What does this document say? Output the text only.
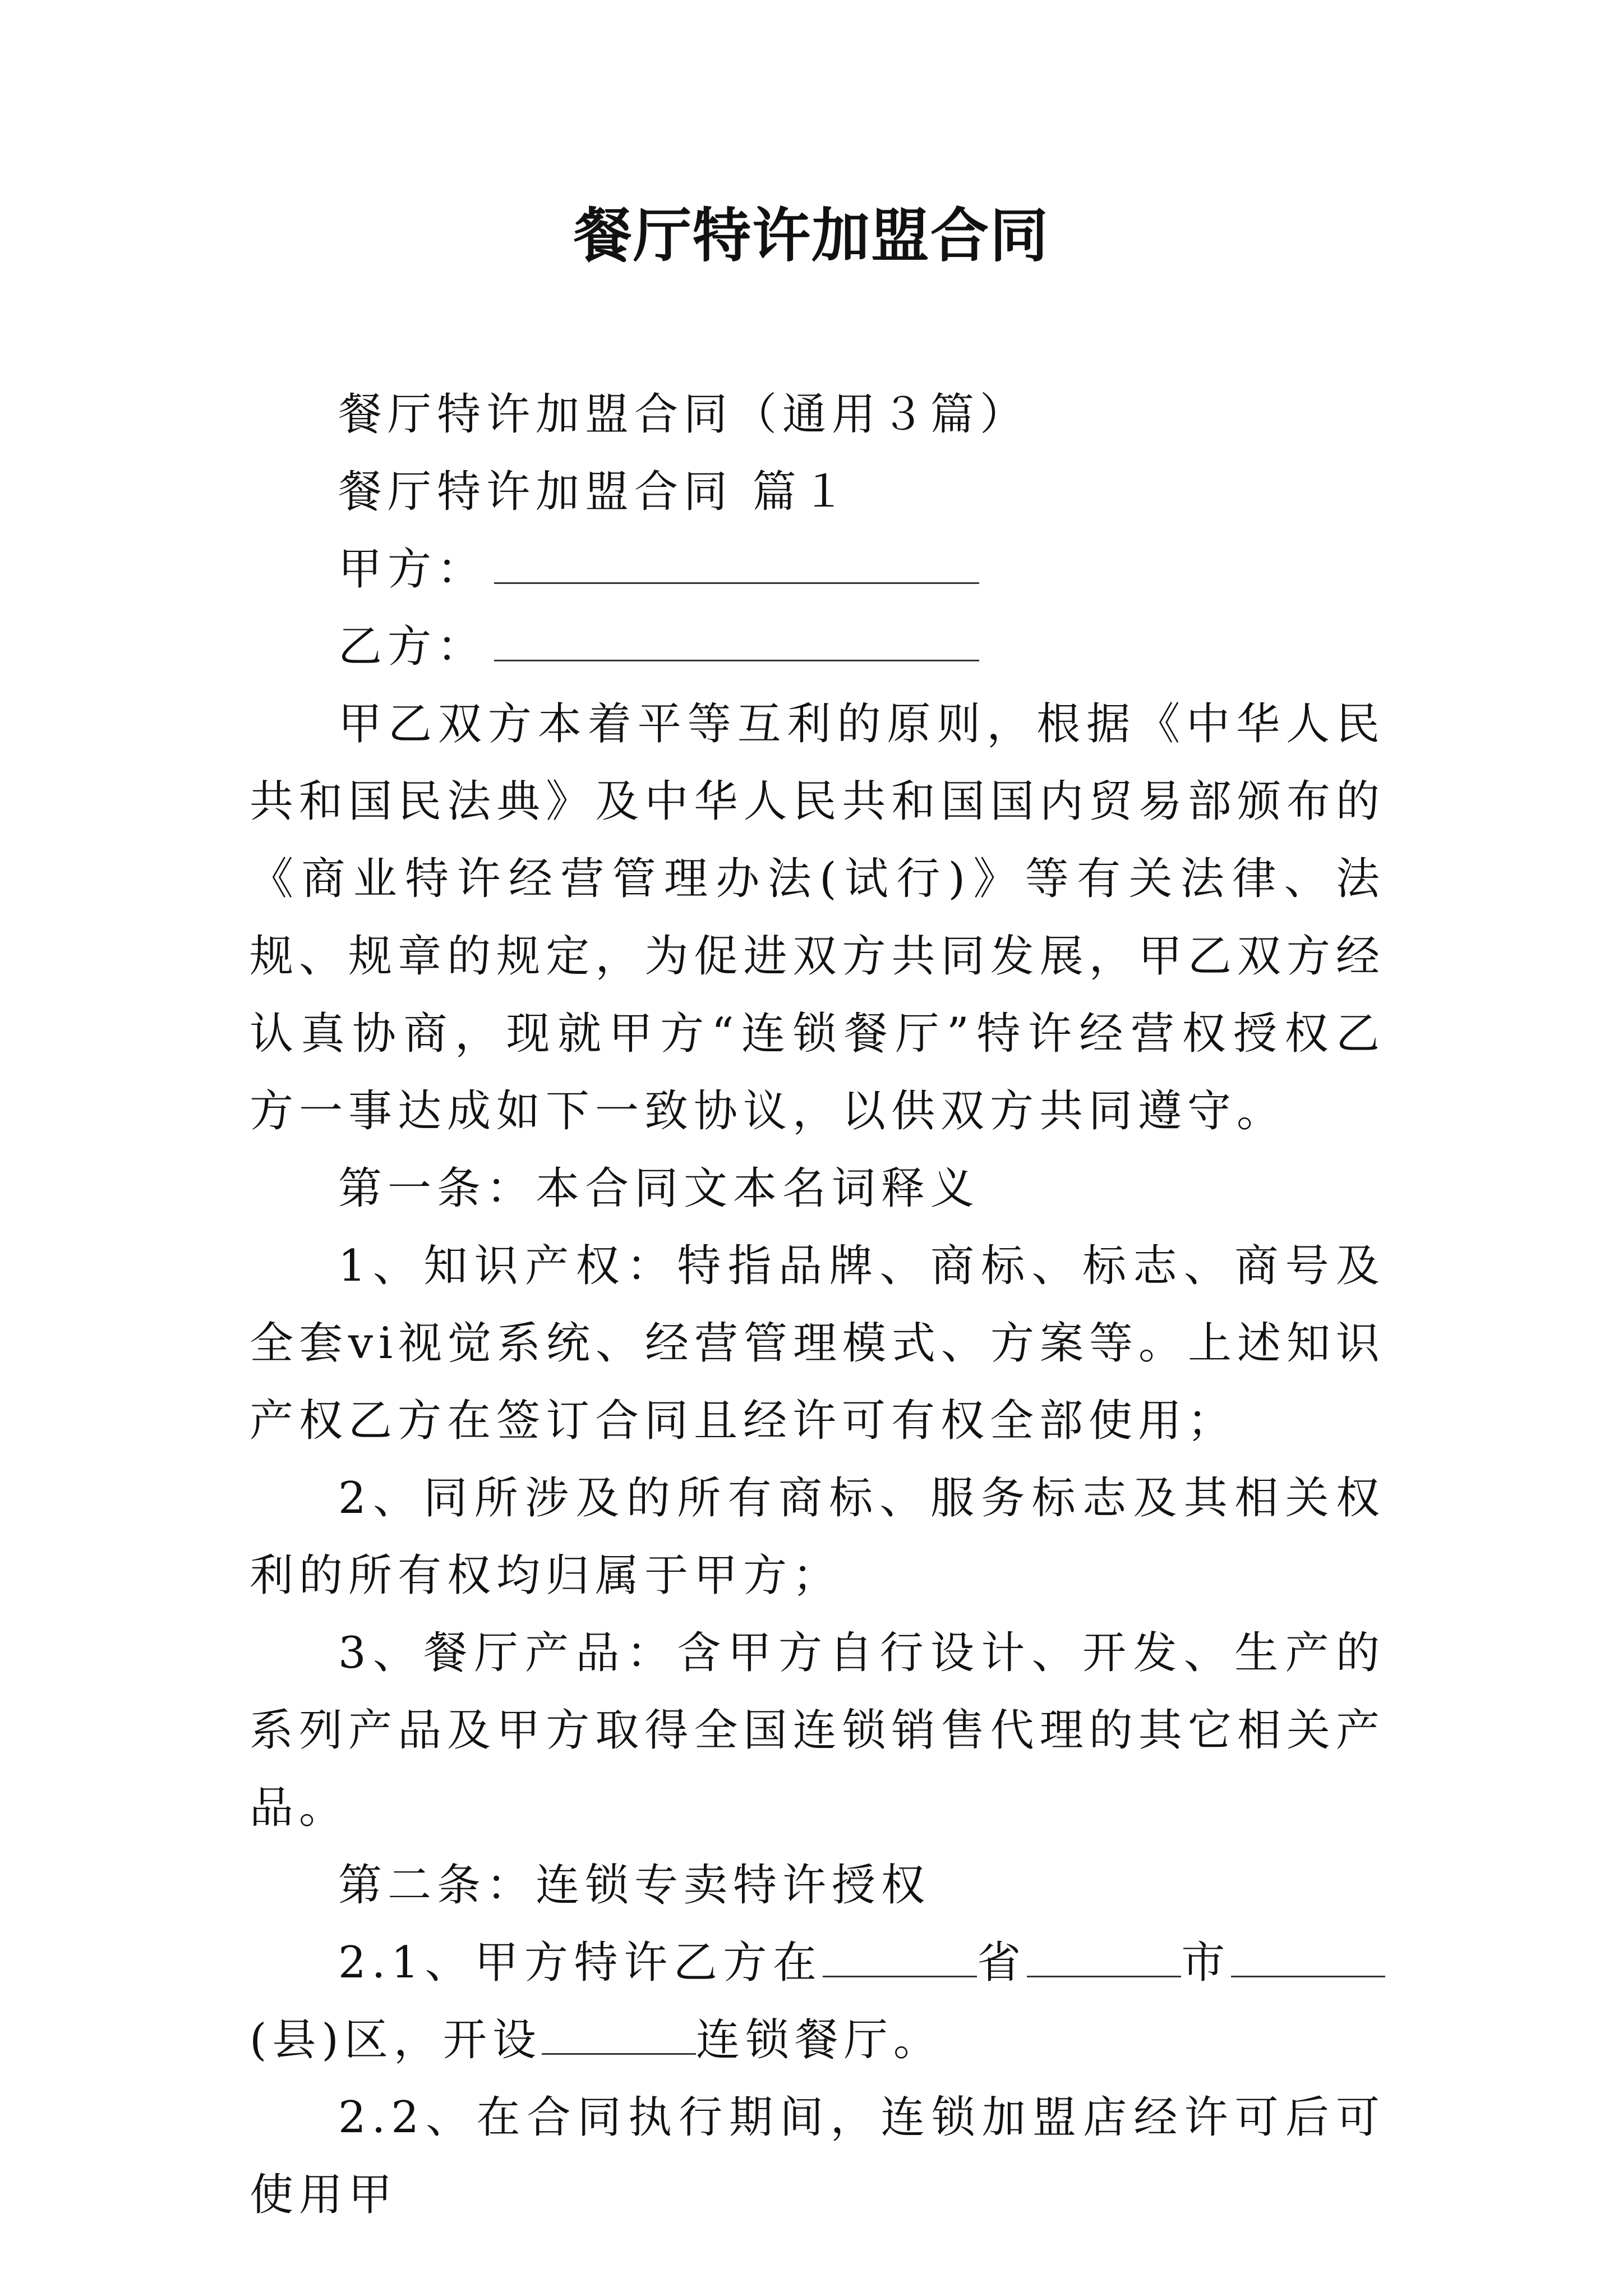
餐厅特许加盟合同

餐厅特许加盟合同（通用３篇）

餐厅特许加盟合同 篇１

甲方：

乙方：

甲乙双方本着平等互利的原则，根据《中华人民共和国民法典》及中华人民共和国国内贸易部颁布的《商业特许经营管理办法(试行)》等有关法律、法规、规章的规定，为促进双方共同发展，甲乙双方经认真协商，现就甲方“连锁餐厅”特许经营权授权乙方一事达成如下一致协议，以供双方共同遵守。

第一条：本合同文本名词释义

1、知识产权：特指品牌、商标、标志、商号及全套vi视觉系统、经营管理模式、方案等。上述知识产权乙方在签订合同且经许可有权全部使用；

2、同所涉及的所有商标、服务标志及其相关权利的所有权均归属于甲方；

3、餐厅产品：含甲方自行设计、开发、生产的系列产品及甲方取得全国连锁销售代理的其它相关产品。

第二条：连锁专卖特许授权

2.1、甲方特许乙方在	省	市(县)区，开设	连锁餐厅。

2.2、在合同执行期间，连锁加盟店经许可后可使用甲
